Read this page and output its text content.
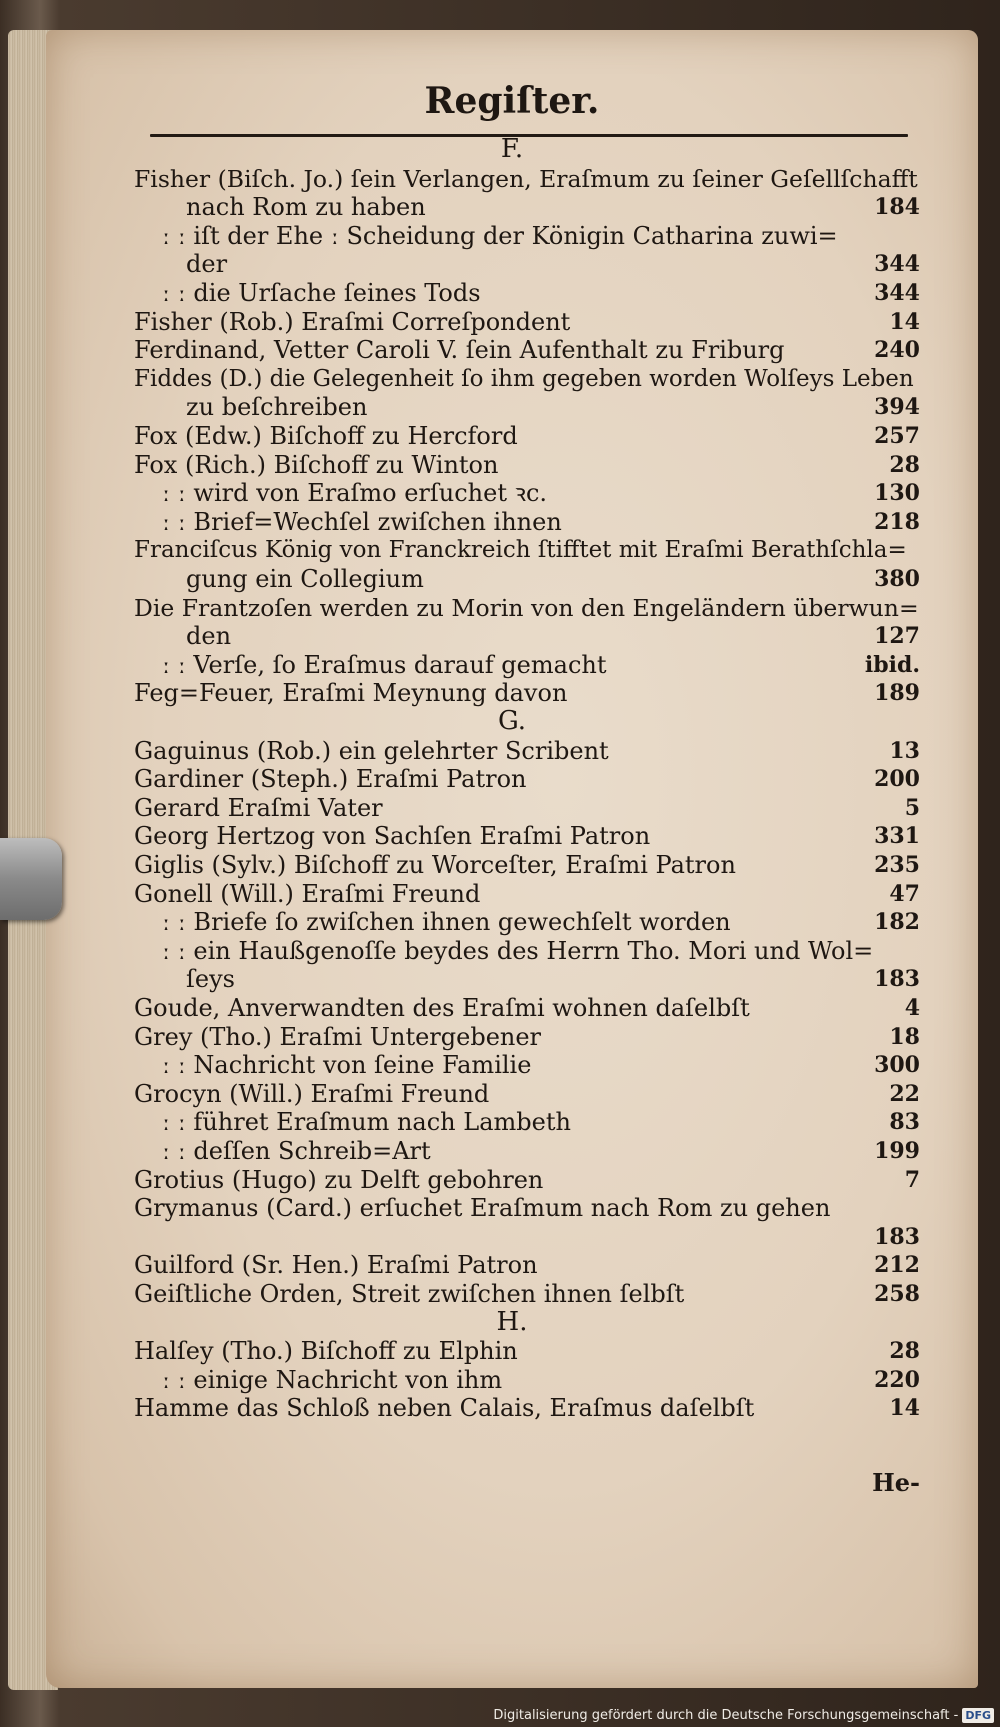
Regiſter.
He-
F.
Fisher (Biſch. Jo.) ſein Verlangen, Eraſmum zu ſeiner Geſellſchafft
nach Rom zu haben	184
ː ː iſt der Ehe ː Scheidung der Königin Catharina zuwi=
der	344
ː ː die Urſache ſeines Tods	344
Fisher (Rob.) Eraſmi Correſpondent	14
Ferdinand, Vetter Caroli V. ſein Aufenthalt zu Friburg	240
Fiddes (D.) die Gelegenheit ſo ihm gegeben worden Wolſeys Leben
zu beſchreiben	394
Fox (Edw.) Biſchoff zu Hercford	257
Fox (Rich.) Biſchoff zu Winton	28
ː ː wird von Eraſmo erſuchet ꝛc.	130
ː ː Brief=Wechſel zwiſchen ihnen	218
Franciſcus König von Franckreich ſtifftet mit Eraſmi Berathſchla=
gung ein Collegium	380
Die Frantzoſen werden zu Morin von den Engeländern überwun=
den	127
ː ː Verſe, ſo Eraſmus darauf gemacht	ibid.
Feg=Feuer, Eraſmi Meynung davon	189
G.
Gaguinus (Rob.) ein gelehrter Scribent	13
Gardiner (Steph.) Eraſmi Patron	200
Gerard Eraſmi Vater	5
Georg Hertzog von Sachſen Eraſmi Patron	331
Giglis (Sylv.) Biſchoff zu Worceſter, Eraſmi Patron	235
Gonell (Will.) Eraſmi Freund	47
ː ː Briefe ſo zwiſchen ihnen gewechſelt worden	182
ː ː ein Haußgenoſſe beydes des Herrn Tho. Mori und Wol=
ſeys	183
Goude, Anverwandten des Eraſmi wohnen daſelbſt	4
Grey (Tho.) Eraſmi Untergebener	18
ː ː Nachricht von ſeine Familie	300
Grocyn (Will.) Eraſmi Freund	22
ː ː führet Eraſmum nach Lambeth	83
ː ː deſſen Schreib=Art	199
Grotius (Hugo) zu Delft gebohren	7
Grymanus (Card.) erſuchet Eraſmum nach Rom zu gehen
183
Guilford (Sr. Hen.) Eraſmi Patron	212
Geiſtliche Orden, Streit zwiſchen ihnen ſelbſt	258
H.
Halſey (Tho.) Biſchoff zu Elphin	28
ː ː einige Nachricht von ihm	220
Hamme das Schloß neben Calais, Eraſmus daſelbſt	14
Digitalisierung gefördert durch die Deutsche Forschungsgemeinschaft - DFG
